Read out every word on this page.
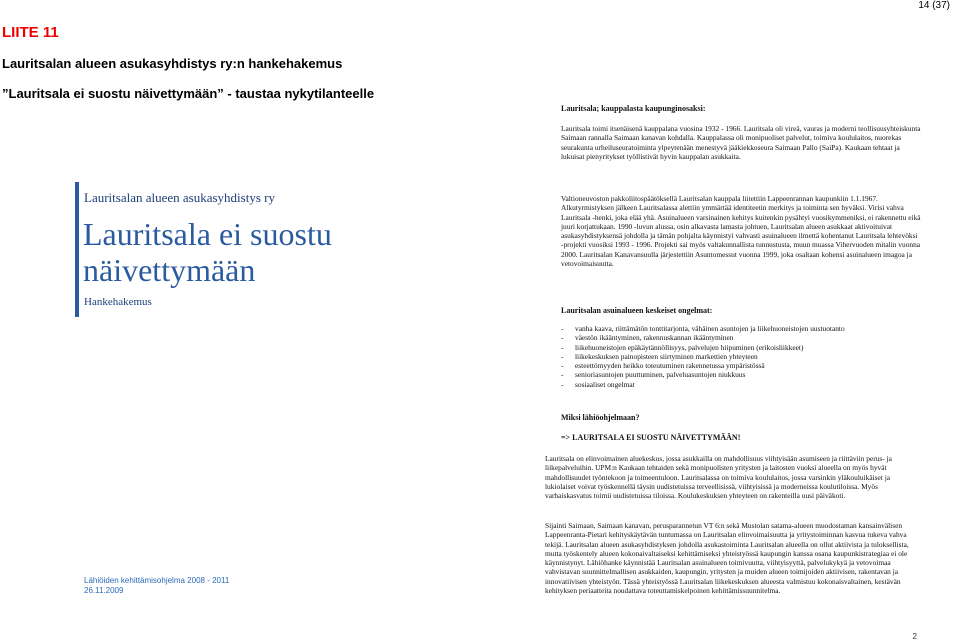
14 (37)
LIITE 11
Lauritsalan alueen asukasyhdistys ry:n hankehakemus
”Lauritsala ei suostu näivettymään” - taustaa nykytilanteelle
Lauritsalan alueen asukasyhdistys ry
Lauritsala ei suostu
näivettymään
Hankehakemus
Lähiöiden kehittämisohjelma 2008 - 2011
26.11.2009
Lauritsala; kauppalasta kaupunginosaksi:
Lauritsala toimi itsenäisenä kauppalana vuosina 1932 - 1966. Lauritsala oli vireä, vauras ja moderni teollisuusyhteiskunta Saimaan rannalla Saimaan kanavan kohdalla. Kauppalassa oli monipuoliset palvelut, toimiva koululaitos, nuorekas seurakunta urheiluseuratoiminta ylpeytenään menestyvä jääkiekkoseura Saimaan Pallo (SaiPa). Kaukaan tehtaat ja lukuisat pienyritykset työllistivät hyvin kauppalan asukkaita.
Valtioneuvoston pakkoliitospäätöksellä Lauritsalan kauppala liitettiin Lappeenrannan kaupunkiin 1.1.1967. Alkutyrmistyksen jälkeen Lauritsalassa alettiin ymmärtää identiteetin merkitys ja toiminta sen hyväksi. Virisi vahva Lauritsala -henki, joka elää yhä. Asuinalueen varsinainen kehitys kuitenkin pysähtyi vuosikymmeniksi, ei rakennettu eikä juuri korjattukaan. 1990 -luvun alussa, osin alkavasta lamasta johtuen, Lauritsalan alueen asukkaat aktivoituivat asukasyhdistyksensä johdolla ja tämän pohjalta käynnistyi vahvasti asuinalueen ilmettä kohentanut Lauritsala lehtevöksi -projekti vuosiksi 1993 - 1996. Projekti sai myös valtakunnallista tunnustusta, muun muassa Vihervuoden mitalin vuonna 2000. Lauritsalan Kanavansuulla järjestettiin Asuntomessut vuonna 1999, joka osaltaan kohensi asuinalueen imagoa ja vetovoimaisuutta.
Lauritsalan asuinalueen keskeiset ongelmat:
- vanha kaava, riittämätön tonttitarjonta, vähäinen asuntojen ja liikehuoneistojen uustuotanto
- väestön ikääntyminen, rakennuskannan ikääntyminen
- liikehuoneistojen epäkäytännöllisyys, palvelujen hiipuminen (erikoisliikkeet)
- liikekeskuksen painopisteen siirtyminen markettien yhteyteen
- esteettömyyden heikko toteutuminen rakennetussa ympäristössä
- senioriasuntojen puuttuminen, palveluasuntojen niukkuus
- sosiaaliset ongelmat
Miksi lähiöohjelmaan?
=> LAURITSALA EI SUOSTU NÄIVETTYMÄÄN!
Lauritsala on elinvoimainen aluekeskus, jossa asukkailla on mahdollisuus viihtyisään asumiseen ja riittäviin perus- ja liikepalveluihin. UPM:n Kaukaan tehtaiden sekä monipuolisten yritysten ja laitosten vuoksi alueella on myös hyvät mahdollisuudet työntekoon ja toimeentuloon. Lauritsalassa on toimiva koululaitos, jossa varsinkin yläkouluikäiset ja lukiolaiset voivat työskennellä täysin uudistetuissa terveellisissä, viihtyisissä ja moderneissa koulutiloissa. Myös varhaiskasvatus toimii uudistetuissa tiloissa. Koulukeskuksen yhteyteen on rakenteilla uusi päiväkoti.
Sijainti Saimaan, Saimaan kanavan, perusparannetun VT 6:n sekä Mustolan satama-alueen muodostaman kansainvälisen Lappeenranta-Pietari kehityskäytävän tuntumassa on Lauritsalan elinvoimaisuutta ja yritystoiminnan kasvua tukeva vahva tekijä. Lauritsalan alueen asukasyhdistyksen johdolla asukastoiminta Lauritsalan alueella on ollut aktiivista ja tuloksellista, mutta työskentely alueen kokonaivaltaiseksi kehittämiseksi yhteistyössä kaupungin kanssa osana kaupunkistrategiaa ei ole käynnistynyt. Lähiöhanke käynnistää Lauritsalan asuinalueen toimivuutta, viihtyisyyttä, palvelukykyä ja vetovoimaa vahvistavan suunnittelmallisen asukkaiden, kaupungin, yritysten ja muiden alueen toimijoiden aktiivisen, rakentavan ja innovatiivisen yhteistyön. Tässä yhteistyössä Lauritsalan liikekeskuksen alueesta valmistuu kokonaisvaltainen, kestävän kehityksen periaatteita noudattava toteuttamiskelpoinen kehittämissuunnitelma.
2
